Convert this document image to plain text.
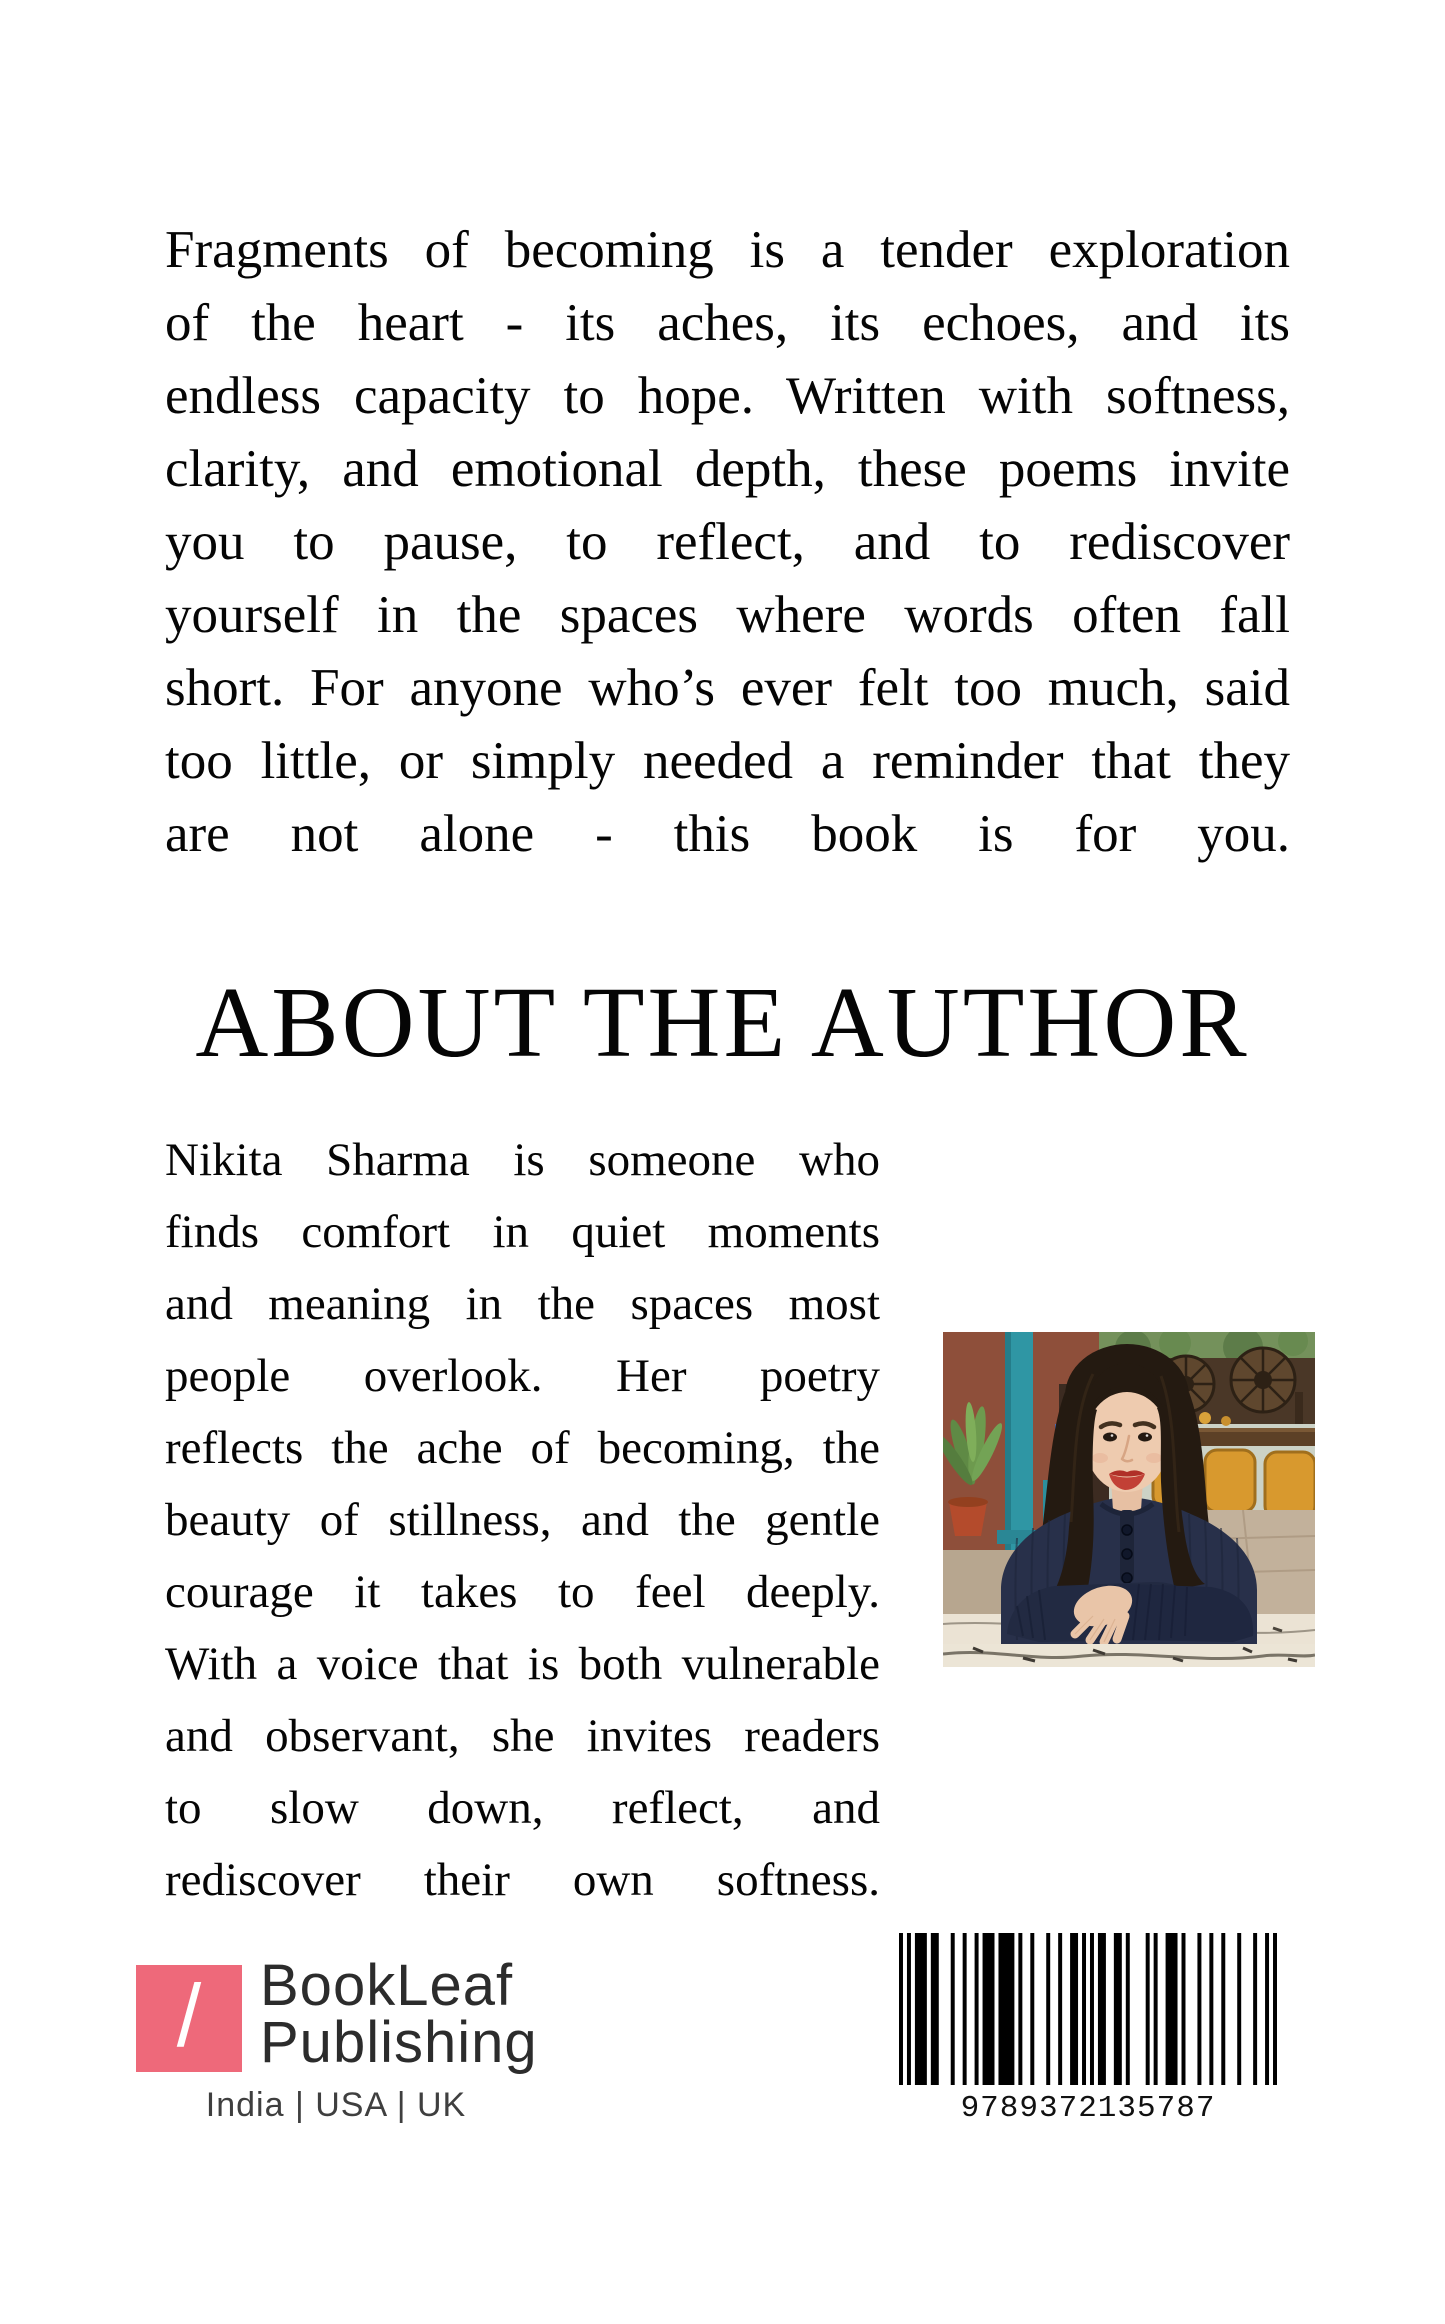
Fragments of becoming is a tender exploration
of the heart - its aches, its echoes, and its
endless capacity to hope. Written with softness,
clarity, and emotional depth, these poems invite
you to pause, to reflect, and to rediscover
yourself in the spaces where words often fall
short. For anyone who’s ever felt too much, said
too little, or simply needed a reminder that they
are not alone - this book is for you.
ABOUT THE AUTHOR
Nikita Sharma is someone who
finds comfort in quiet moments
and meaning in the spaces most
people overlook. Her poetry
reflects the ache of becoming, the
beauty of stillness, and the gentle
courage it takes to feel deeply.
With a voice that is both vulnerable
and observant, she invites readers
to slow down, reflect, and
rediscover their own softness.
/ BookLeaf
Publishing
India | USA | UK	9789372135787
